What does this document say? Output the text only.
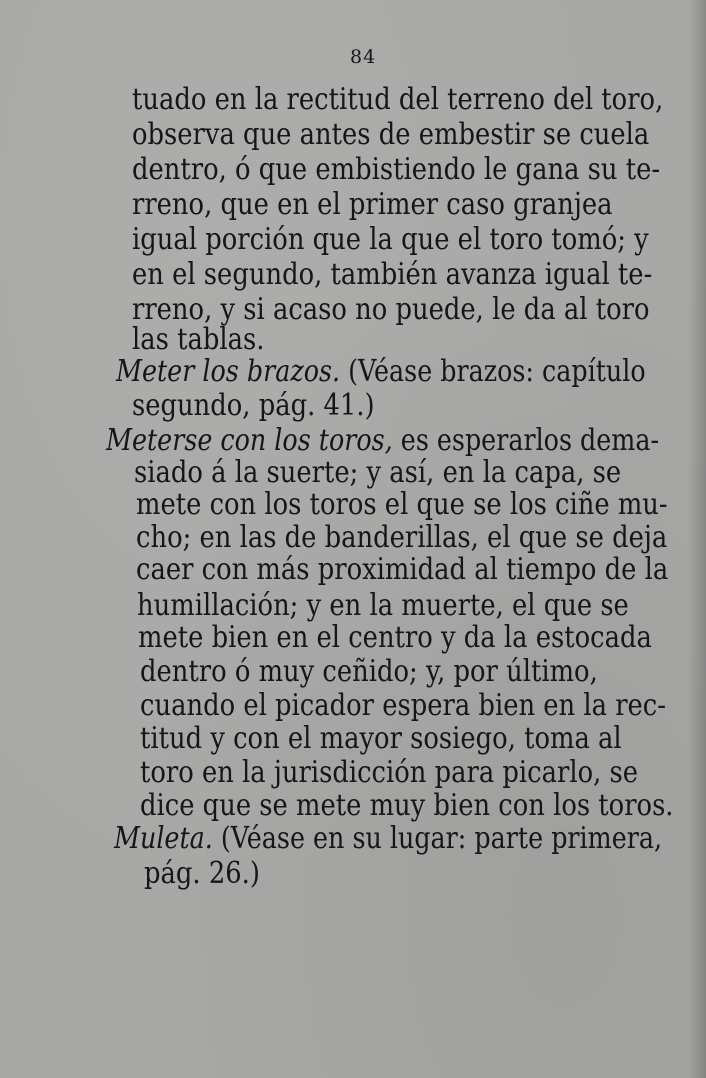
84
tuado en la rectitud del terreno del toro,
observa que antes de embestir se cuela
dentro, ó que embistiendo le gana su te-
rreno, que en el primer caso granjea
igual porción que la que el toro tomó; y
en el segundo, también avanza igual te-
rreno, y si acaso no puede, le da al toro
las tablas.
Meter los brazos. (Véase brazos: capítulo
segundo, pág. 41.)
Meterse con los toros, es esperarlos dema-
siado á la suerte; y así, en la capa, se
mete con los toros el que se los ciñe mu-
cho; en las de banderillas, el que se deja
caer con más proximidad al tiempo de la
humillación; y en la muerte, el que se
mete bien en el centro y da la estocada
dentro ó muy ceñido; y, por último,
cuando el picador espera bien en la rec-
titud y con el mayor sosiego, toma al
toro en la jurisdicción para picarlo, se
dice que se mete muy bien con los toros.
Muleta. (Véase en su lugar: parte primera,
pág. 26.)
